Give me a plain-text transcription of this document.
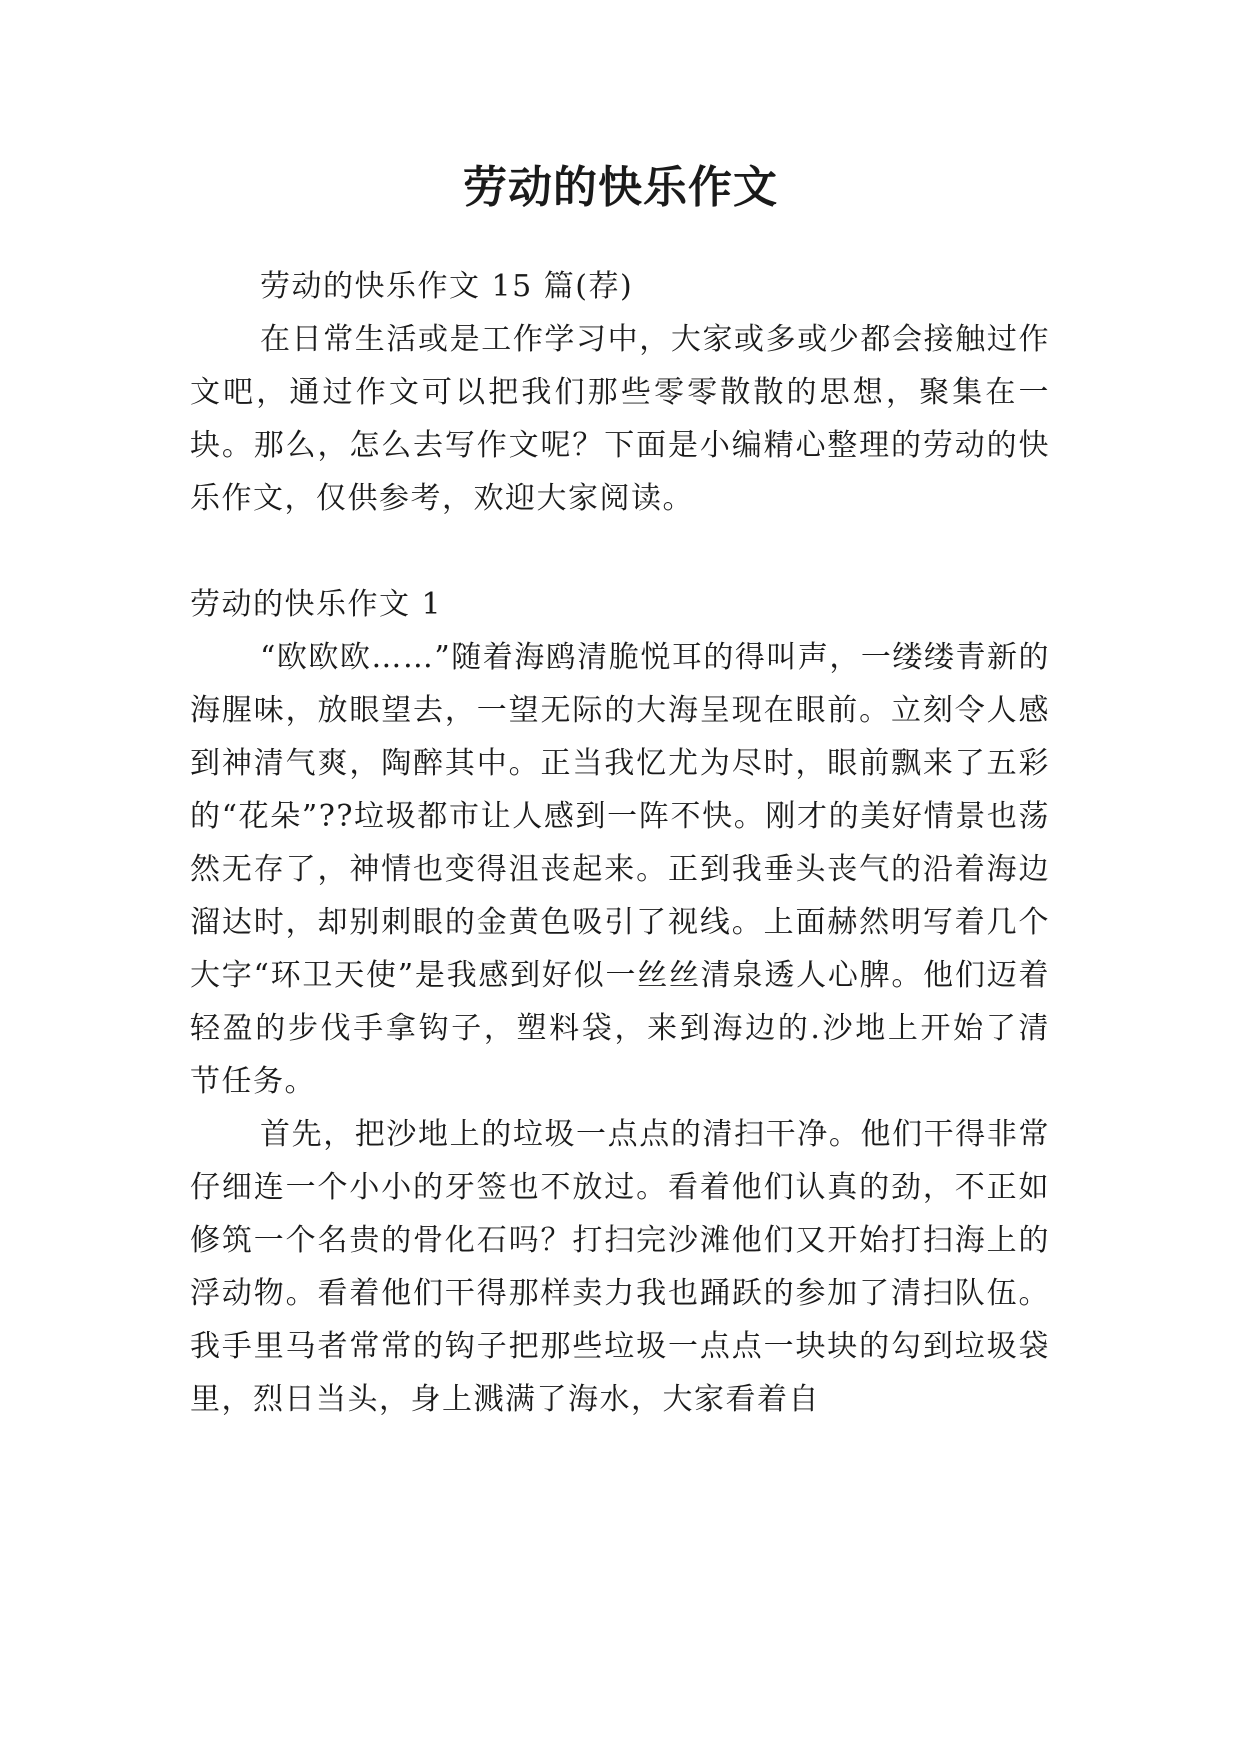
劳动的快乐作文

劳动的快乐作文 15 篇(荐)

在日常生活或是工作学习中，大家或多或少都会接触过作文吧，通过作文可以把我们那些零零散散的思想，聚集在一块。那么，怎么去写作文呢？下面是小编精心整理的劳动的快乐作文，仅供参考，欢迎大家阅读。

劳动的快乐作文 1

“欧欧欧……”随着海鸥清脆悦耳的得叫声，一缕缕青新的海腥味，放眼望去，一望无际的大海呈现在眼前。立刻令人感到神清气爽，陶醉其中。正当我忆尤为尽时，眼前飘来了五彩的“花朵”??垃圾都市让人感到一阵不快。刚才的美好情景也荡然无存了，神情也变得沮丧起来。正到我垂头丧气的沿着海边溜达时，却别刺眼的金黄色吸引了视线。上面赫然明写着几个大字“环卫天使”是我感到好似一丝丝清泉透人心脾。他们迈着轻盈的步伐手拿钩子，塑料袋，来到海边的.沙地上开始了清节任务。

首先，把沙地上的垃圾一点点的清扫干净。他们干得非常仔细连一个小小的牙签也不放过。看着他们认真的劲，不正如修筑一个名贵的骨化石吗？打扫完沙滩他们又开始打扫海上的浮动物。看着他们干得那样卖力我也踊跃的参加了清扫队伍。我手里马者常常的钩子把那些垃圾一点点一块块的勾到垃圾袋里，烈日当头，身上溅满了海水，大家看着自
